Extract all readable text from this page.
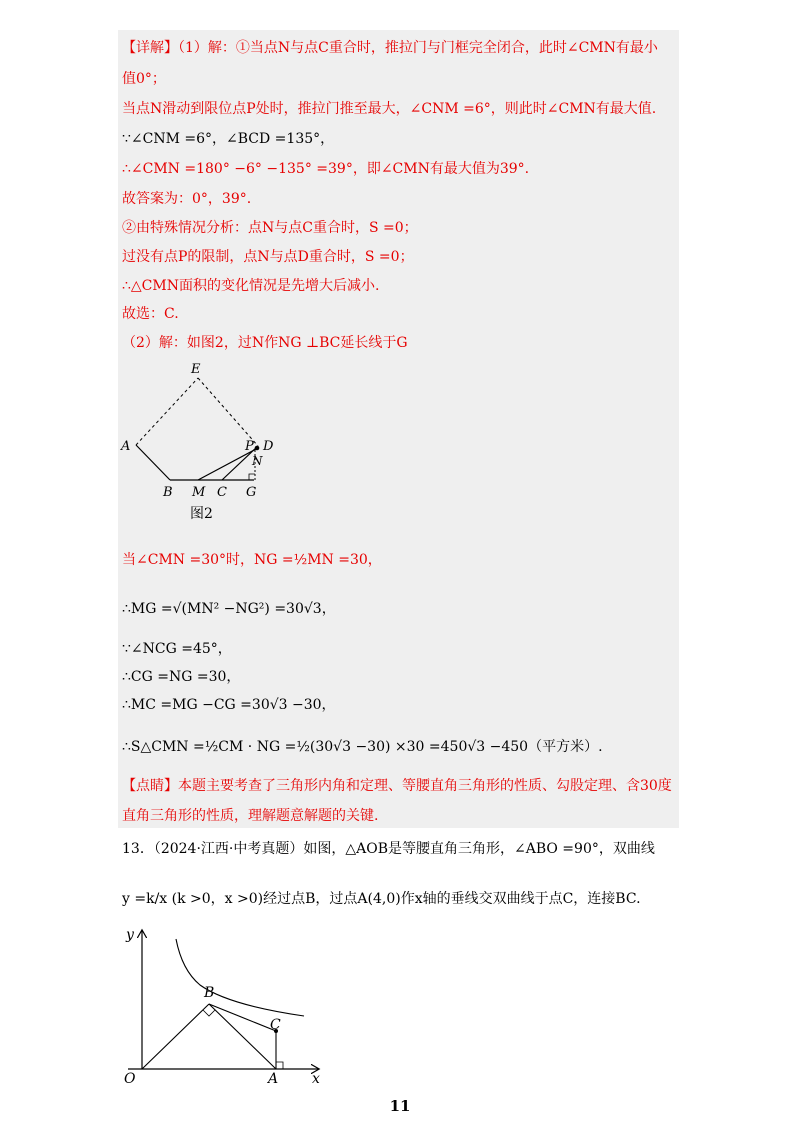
【详解】（1）解：①当点N与点C重合时，推拉门与门框完全闭合，此时∠CMN有最小
值0°；
当点N滑动到限位点P处时，推拉门推至最大，∠CNM =6°，则此时∠CMN有最大值.
∵∠CNM =6°，∠BCD =135°，
∴∠CMN =180° −6° −135° =39°，即∠CMN有最大值为39°.
故答案为：0°，39°.
②由特殊情况分析：点N与点C重合时，S =0；
过没有点P的限制，点N与点D重合时，S =0；
∴△CMN面积的变化情况是先增大后减小.
故选：C.
（2）解：如图2，过N作NG ⊥BC延长线于G
E
A	P D
N
B M C G
图2
当∠CMN =30°时，NG =½MN =30，
∴MG =√(MN² −NG²) =30√3，
∵∠NCG =45°，
∴CG =NG =30，
∴MC =MG −CG =30√3 −30，
∴S△CMN =½CM · NG =½(30√3 −30) ×30 =450√3 −450（平方米）.
【点睛】本题主要考查了三角形内角和定理、等腰直角三角形的性质、勾股定理、含30度
直角三角形的性质，理解题意解题的关键.
13．（2024·江西·中考真题）如图，△AOB是等腰直角三角形，∠ABO =90°，双曲线
y =k/x (k >0，x >0)经过点B，过点A(4,0)作x轴的垂线交双曲线于点C，连接BC.
y
x
O	A
B
C
11
